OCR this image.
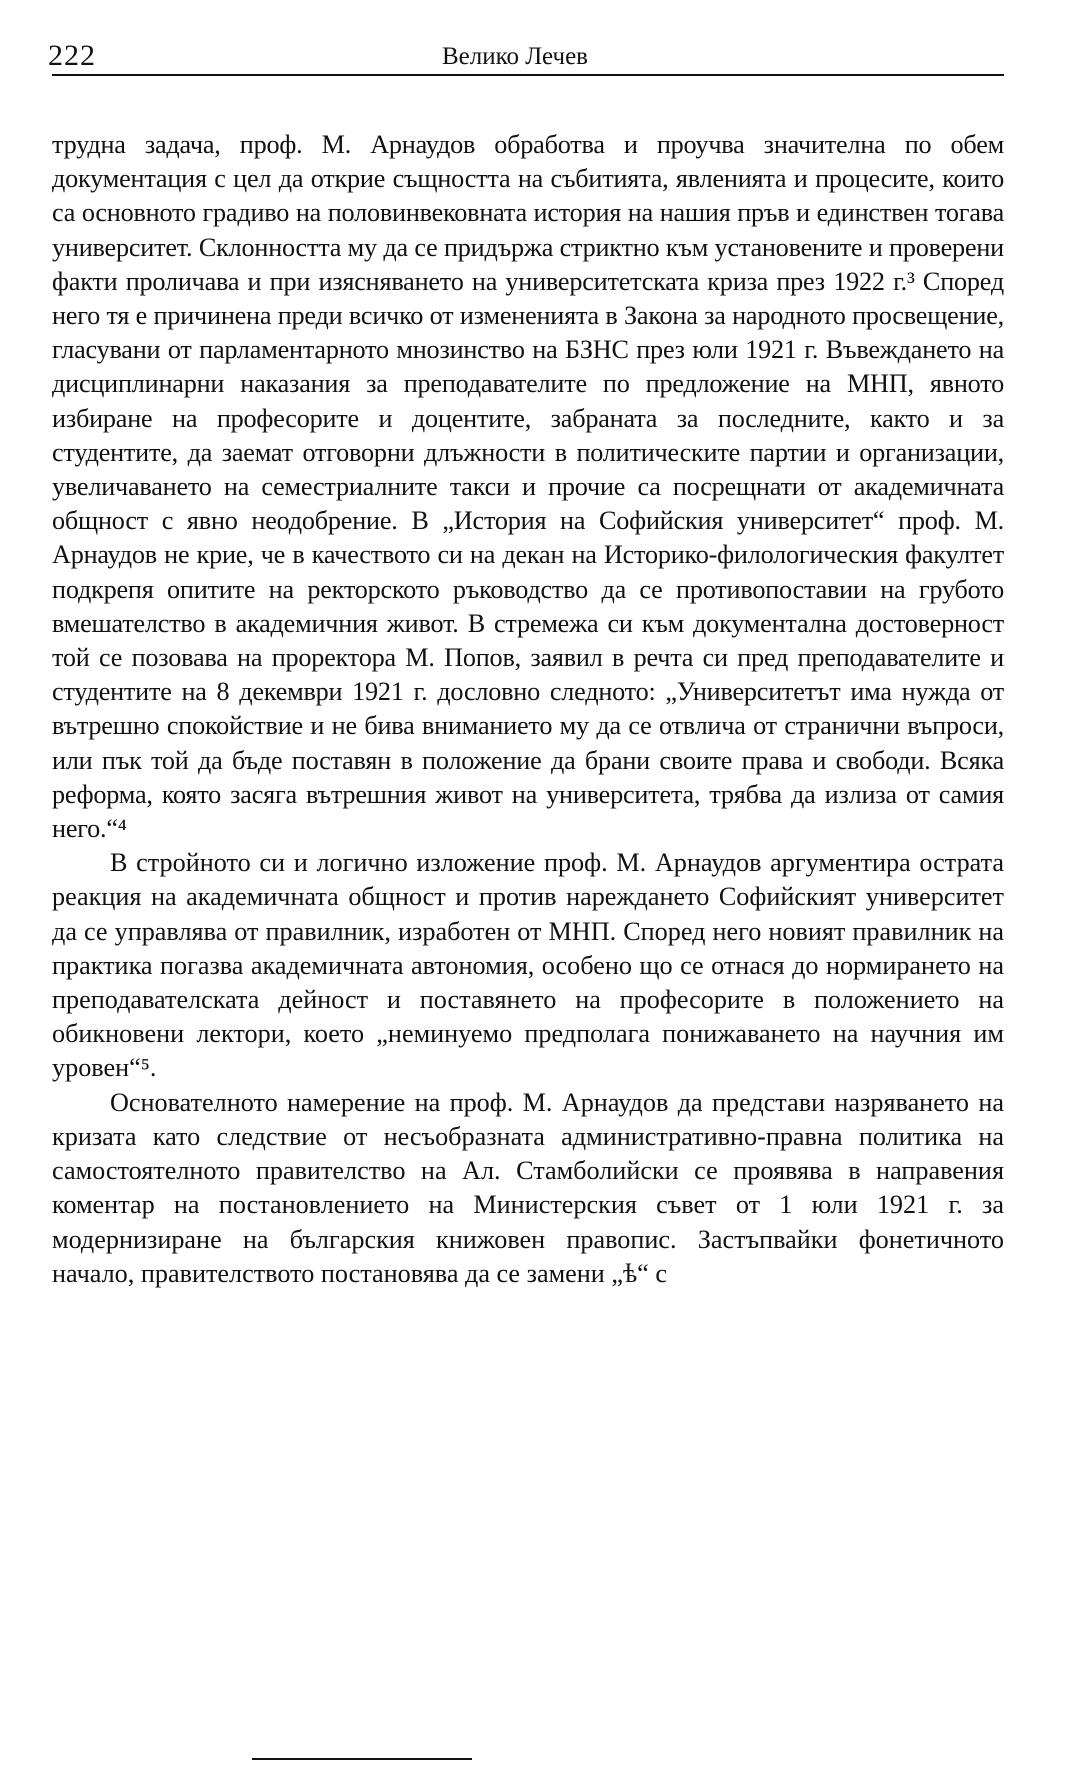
222	Велико Лечев

трудна задача, проф. М. Арнаудов обработва и проучва значителна по обем документация с цел да открие същността на събитията, явленията и процесите, които са основното градиво на половинвековната история на нашия пръв и единствен тогава университет. Склонността му да се придържа стриктно към установените и проверени факти проличава и при изясняването на университетската криза през 1922 г.³ Според него тя е причинена преди всичко от измененията в Закона за народното просвещение, гласувани от парламентарното мнозинство на БЗНС през юли 1921 г. Въвеждането на дисциплинарни наказания за преподавателите по предложение на МНП, явното избиране на професорите и доцентите, забраната за последните, както и за студентите, да заемат отговорни длъжности в политическите партии и организации, увеличаването на семестриалните такси и прочие са посрещнати от академичната общност с явно неодобрение. В „История на Софийския университет“ проф. М. Арнаудов не крие, че в качеството си на декан на Историко-филологическия факултет подкрепя опитите на ректорското ръководство да се противопоставии на грубото вмешателство в академичния живот. В стремежа си към документална достоверност той се позовава на проректора М. Попов, заявил в речта си пред преподавателите и студентите на 8 декември 1921 г. дословно следното: „Университетът има нужда от вътрешно спокойствие и не бива вниманието му да се отвлича от странични въпроси, или пък той да бъде поставян в положение да брани своите права и свободи. Всяка реформа, която засяга вътрешния живот на университета, трябва да излиза от самия него.“⁴

В стройното си и логично изложение проф. М. Арнаудов аргументира острата реакция на академичната общност и против нареждането Софийският университет да се управлява от правилник, изработен от МНП. Според него новият правилник на практика погазва академичната автономия, особено що се отнася до нормирането на преподавателската дейност и поставянето на професорите в положението на обикновени лектори, което „неминуемо предполага понижаването на научния им уровен“⁵.

Основателното намерение на проф. М. Арнаудов да представи назряването на кризата като следствие от несъобразната административно-правна политика на самостоятелното правителство на Ал. Стамболийски се проявява в направения коментар на постановлението на Министерския съвет от 1 юли 1921 г. за модернизиране на българския книжовен правопис. Застъпвайки фонетичното начало, правителството постановява да се замени „ѣ“ с
